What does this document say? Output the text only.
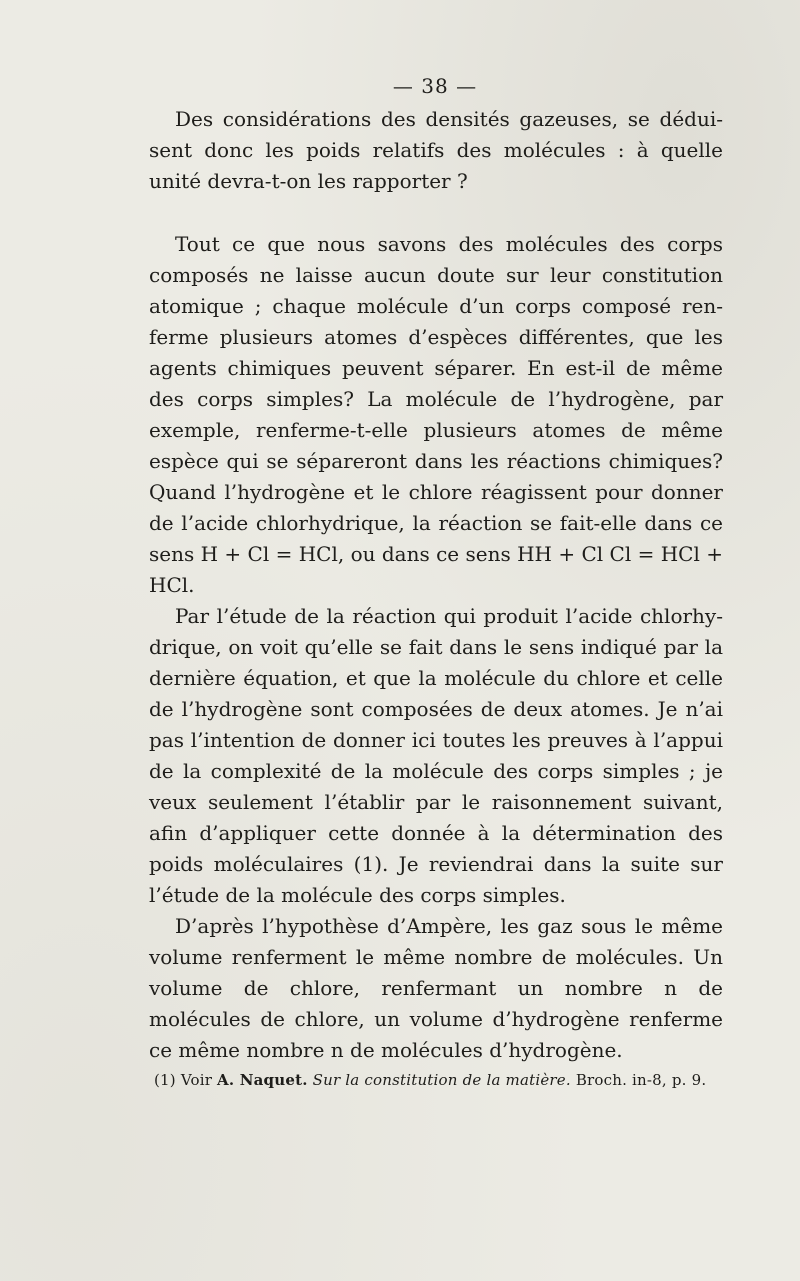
— 38 —

Des considérations des densités gazeuses, se déduisent donc les poids relatifs des molécules : à quelle unité devra-t-on les rapporter ?

Tout ce que nous savons des molécules des corps composés ne laisse aucun doute sur leur constitution atomique ; chaque molécule d’un corps composé renferme plusieurs atomes d’espèces différentes, que les agents chimiques peuvent séparer. En est-il de même des corps simples? La molécule de l’hydrogène, par exemple, renferme-t-elle plusieurs atomes de même espèce qui se sépareront dans les réactions chimiques? Quand l’hydrogène et le chlore réagissent pour donner de l’acide chlorhydrique, la réaction se fait-elle dans ce sens H + Cl = HCl, ou dans ce sens HH + Cl Cl = HCl + HCl.

Par l’étude de la réaction qui produit l’acide chlorhydrique, on voit qu’elle se fait dans le sens indiqué par la dernière équation, et que la molécule du chlore et celle de l’hydrogène sont composées de deux atomes. Je n’ai pas l’intention de donner ici toutes les preuves à l’appui de la complexité de la molécule des corps simples ; je veux seulement l’établir par le raisonnement suivant, afin d’appliquer cette donnée à la détermination des poids moléculaires (1). Je reviendrai dans la suite sur l’étude de la molécule des corps simples.

D’après l’hypothèse d’Ampère, les gaz sous le même volume renferment le même nombre de molécules. Un volume de chlore, renfermant un nombre n de molécules de chlore, un volume d’hydrogène renferme ce même nombre n de molécules d’hydrogène.

(1) Voir A. Naquet. Sur la constitution de la matière. Broch. in-8, p. 9.
